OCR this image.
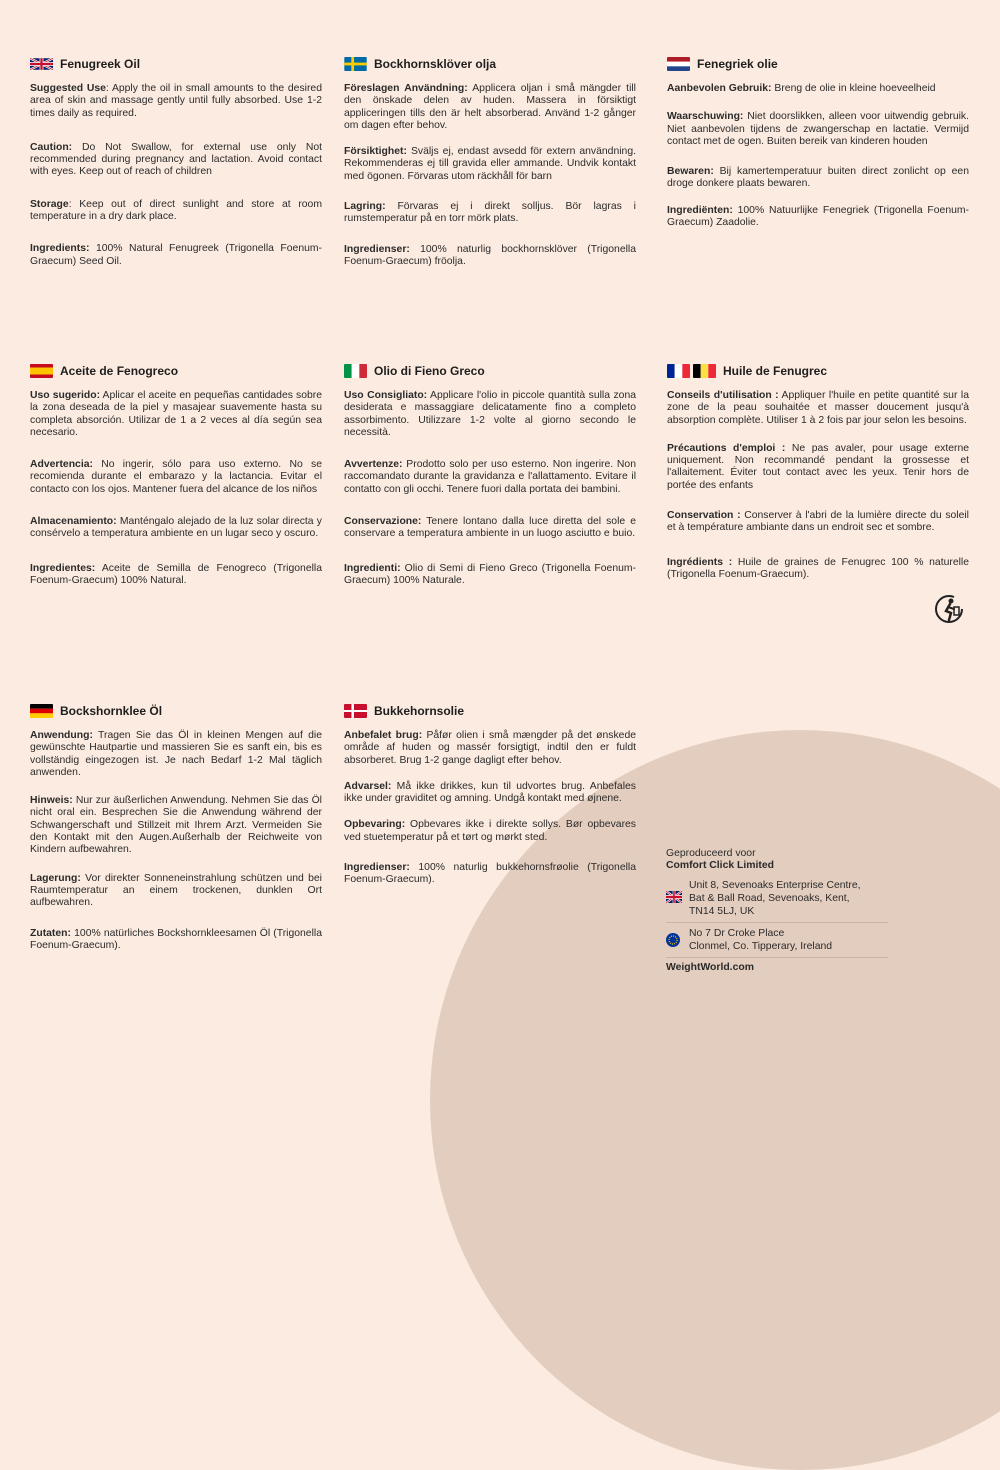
Fenugreek Oil

Suggested Use: Apply the oil in small amounts to the desired area of skin and massage gently until fully absorbed. Use 1-2 times daily as required.

Caution: Do Not Swallow, for external use only Not recommended during pregnancy and lactation. Avoid contact with eyes. Keep out of reach of children

Storage: Keep out of direct sunlight and store at room temperature in a dry dark place.

Ingredients: 100% Natural Fenugreek (Trigonella Foenum-Graecum) Seed Oil.

Bockhornsklöver olja

Föreslagen Användning: Applicera oljan i små mängder till den önskade delen av huden. Massera in försiktigt appliceringen tills den är helt absorberad. Använd 1-2 gånger om dagen efter behov.

Försiktighet: Sväljs ej, endast avsedd för extern användning. Rekommenderas ej till gravida eller ammande. Undvik kontakt med ögonen. Förvaras utom räckhåll för barn

Lagring: Förvaras ej i direkt solljus. Bör lagras i rumstemperatur på en torr mörk plats.

Ingredienser: 100% naturlig bockhornsklöver (Trigonella Foenum-Graecum) fröolja.

Fenegriek olie

Aanbevolen Gebruik: Breng de olie in kleine hoeveelheid

Waarschuwing: Niet doorslikken, alleen voor uitwendig gebruik. Niet aanbevolen tijdens de zwangerschap en lactatie. Vermijd contact met de ogen. Buiten bereik van kinderen houden

Bewaren: Bij kamertemperatuur buiten direct zonlicht op een droge donkere plaats bewaren.

Ingrediënten: 100% Natuurlijke Fenegriek (Trigonella Foenum-Graecum) Zaadolie.

Aceite de Fenogreco

Uso sugerido: Aplicar el aceite en pequeñas cantidades sobre la zona deseada de la piel y masajear suavemente hasta su completa absorción. Utilizar de 1 a 2 veces al día según sea necesario.

Advertencia: No ingerir, sólo para uso externo. No se recomienda durante el embarazo y la lactancia. Evitar el contacto con los ojos. Mantener fuera del alcance de los niños

Almacenamiento: Manténgalo alejado de la luz solar directa y consérvelo a temperatura ambiente en un lugar seco y oscuro.

Ingredientes: Aceite de Semilla de Fenogreco (Trigonella Foenum-Graecum) 100% Natural.

Olio di Fieno Greco

Uso Consigliato: Applicare l'olio in piccole quantità sulla zona desiderata e massaggiare delicatamente fino a completo assorbimento. Utilizzare 1-2 volte al giorno secondo le necessità.

Avvertenze: Prodotto solo per uso esterno. Non ingerire. Non raccomandato durante la gravidanza e l'allattamento. Evitare il contatto con gli occhi. Tenere fuori dalla portata dei bambini.

Conservazione: Tenere lontano dalla luce diretta del sole e conservare a temperatura ambiente in un luogo asciutto e buio.

Ingredienti: Olio di Semi di Fieno Greco (Trigonella Foenum-Graecum) 100% Naturale.

Huile de Fenugrec

Conseils d'utilisation : Appliquer l'huile en petite quantité sur la zone de la peau souhaitée et masser doucement jusqu'à absorption complète. Utiliser 1 à 2 fois par jour selon les besoins.

Précautions d'emploi : Ne pas avaler, pour usage externe uniquement. Non recommandé pendant la grossesse et l'allaitement. Éviter tout contact avec les yeux. Tenir hors de portée des enfants

Conservation : Conserver à l'abri de la lumière directe du soleil et à température ambiante dans un endroit sec et sombre.

Ingrédients : Huile de graines de Fenugrec 100 % naturelle (Trigonella Foenum-Graecum).

Bockshornklee Öl

Anwendung: Tragen Sie das Öl in kleinen Mengen auf die gewünschte Hautpartie und massieren Sie es sanft ein, bis es vollständig eingezogen ist. Je nach Bedarf 1-2 Mal täglich anwenden.

Hinweis: Nur zur äußerlichen Anwendung. Nehmen Sie das Öl nicht oral ein. Besprechen Sie die Anwendung während der Schwangerschaft und Stillzeit mit Ihrem Arzt. Vermeiden Sie den Kontakt mit den Augen.Außerhalb der Reichweite von Kindern aufbewahren.

Lagerung: Vor direkter Sonneneinstrahlung schützen und bei Raumtemperatur an einem trockenen, dunklen Ort aufbewahren.

Zutaten: 100% natürliches Bockshornkleesamen Öl (Trigonella Foenum-Graecum).

Bukkehornsolie

Anbefalet brug: Påfør olien i små mængder på det ønskede område af huden og massér forsigtigt, indtil den er fuldt absorberet. Brug 1-2 gange dagligt efter behov.

Advarsel: Må ikke drikkes, kun til udvortes brug. Anbefales ikke under graviditet og amning. Undgå kontakt med øjnene.

Opbevaring: Opbevares ikke i direkte sollys. Bør opbevares ved stuetemperatur på et tørt og mørkt sted.

Ingredienser: 100% naturlig bukkehornsfrøolie (Trigonella Foenum-Graecum).

Geproduceerd voor
Comfort Click Limited
Unit 8, Sevenoaks Enterprise Centre,
Bat & Ball Road, Sevenoaks, Kent,
TN14 5LJ, UK
No 7 Dr Croke Place
Clonmel, Co. Tipperary, Ireland
WeightWorld.com
